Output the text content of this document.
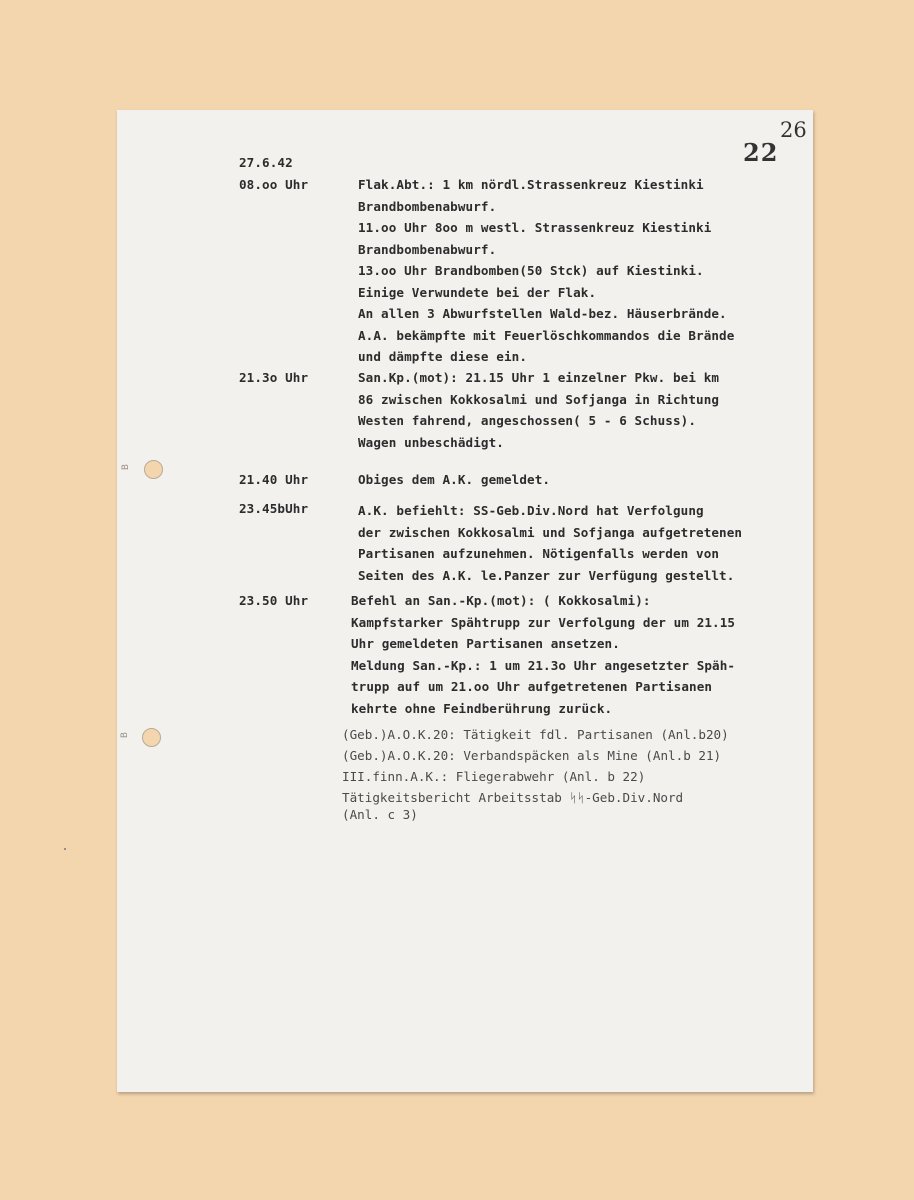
26
22
B
B
27.6.42
08.oo Uhr	Flak.Abt.: 1 km nördl.Strassenkreuz Kiestinki
Brandbombenabwurf.
11.oo Uhr 8oo m westl. Strassenkreuz Kiestinki
Brandbombenabwurf.
13.oo Uhr Brandbomben(50 Stck) auf Kiestinki.
Einige Verwundete bei der Flak.
An allen 3 Abwurfstellen Wald-bez. Häuserbrände.
A.A. bekämpfte mit Feuerlöschkommandos die Brände
und dämpfte diese ein.
21.3o Uhr	San.Kp.(mot): 21.15 Uhr 1 einzelner Pkw. bei km
86 zwischen Kokkosalmi und Sofjanga in Richtung
Westen fahrend, angeschossen( 5 - 6 Schuss).
Wagen unbeschädigt.
21.40 Uhr	Obiges dem A.K. gemeldet.
23.45bUhr	A.K. befiehlt: SS-Geb.Div.Nord hat Verfolgung
der zwischen Kokkosalmi und Sofjanga aufgetretenen
Partisanen aufzunehmen. Nötigenfalls werden von
Seiten des A.K. le.Panzer zur Verfügung gestellt.
23.50 Uhr	Befehl an San.-Kp.(mot): ( Kokkosalmi):
Kampfstarker Spähtrupp zur Verfolgung der um 21.15
Uhr gemeldeten Partisanen ansetzen.
Meldung San.-Kp.: 1 um 21.3o Uhr angesetzter Späh-
trupp auf um 21.oo Uhr aufgetretenen Partisanen
kehrte ohne Feindberührung zurück.
(Geb.)A.O.K.20: Tätigkeit fdl. Partisanen (Anl.b20)
(Geb.)A.O.K.20: Verbandspäcken als Mine (Anl.b 21)
III.finn.A.K.: Fliegerabwehr (Anl. b 22)
Tätigkeitsbericht Arbeitsstab ᛋᛋ-Geb.Div.Nord
(Anl. c 3)
